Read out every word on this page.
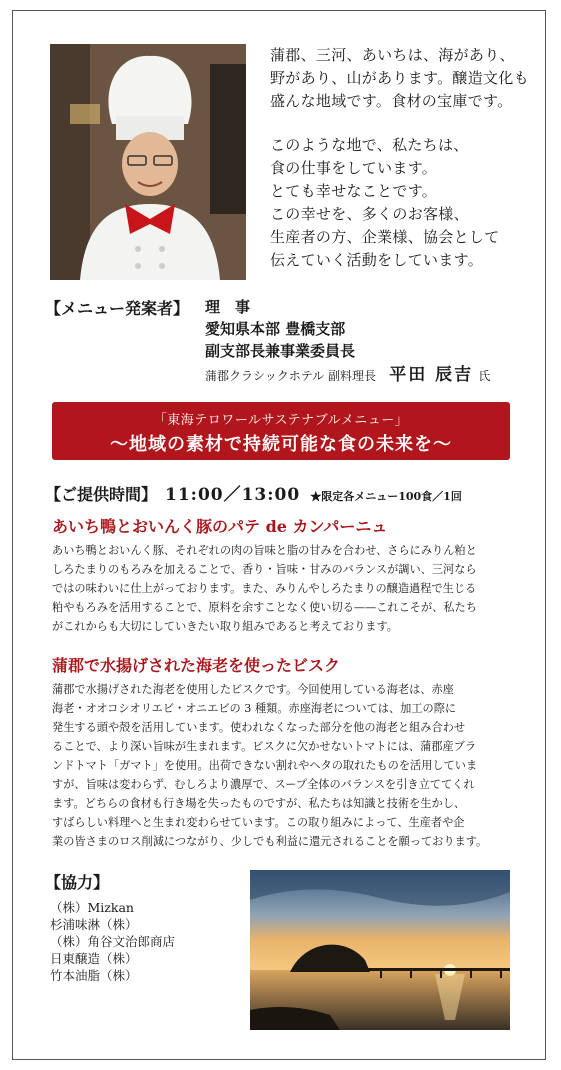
蒲郡、三河、あいちは、海があり、
野があり、山があります。醸造文化も
盛んな地域です。食材の宝庫です。

このような地で、私たちは、
食の仕事をしています。
とても幸せなことです。
この幸せを、多くのお客様、
生産者の方、企業様、協会として
伝えていく活動をしています。

【メニュー発案者】 理　事
愛知県本部 豊橋支部
副支部長兼事業委員長
蒲郡クラシックホテル 副料理長 平田 辰吉 氏
「東海テロワールサステナブルメニュー」
〜地域の素材で持続可能な食の未来を〜
【ご提供時間】 11:00／13:00 ★限定各メニュー100食／1回
あいち鴨とおいんく豚のパテ de カンパーニュ
あいち鴨とおいんく豚、それぞれの肉の旨味と脂の甘みを合わせ、さらにみりん粕と
しろたまりのもろみを加えることで、香り・旨味・甘みのバランスが調い、三河なら
ではの味わいに仕上がっております。また、みりんやしろたまりの醸造過程で生じる
粕やもろみを活用することで、原料を余すことなく使い切る——これこそが、私たち
がこれからも大切にしていきたい取り組みであると考えております。
蒲郡で水揚げされた海老を使ったビスク
蒲郡で水揚げされた海老を使用したビスクです。今回使用している海老は、赤座
海老・オオコシオリエビ・オニエビの 3 種類。赤座海老については、加工の際に
発生する頭や殻を活用しています。使われなくなった部分を他の海老と組み合わせ
ることで、より深い旨味が生まれます。ビスクに欠かせないトマトには、蒲郡産ブラ
ンドトマト「ガマト」を使用。出荷できない割れやヘタの取れたものを活用していま
すが、旨味は変わらず、むしろより濃厚で、スープ全体のバランスを引き立ててくれ
ます。どちらの食材も行き場を失ったものですが、私たちは知識と技術を生かし、
すばらしい料理へと生まれ変わらせています。この取り組みによって、生産者や企
業の皆さまのロス削減につながり、少しでも利益に還元されることを願っております。
【協力】
（株）Mizkan
杉浦味淋（株）
（株）角谷文治郎商店
日東醸造（株）
竹本油脂（株）
